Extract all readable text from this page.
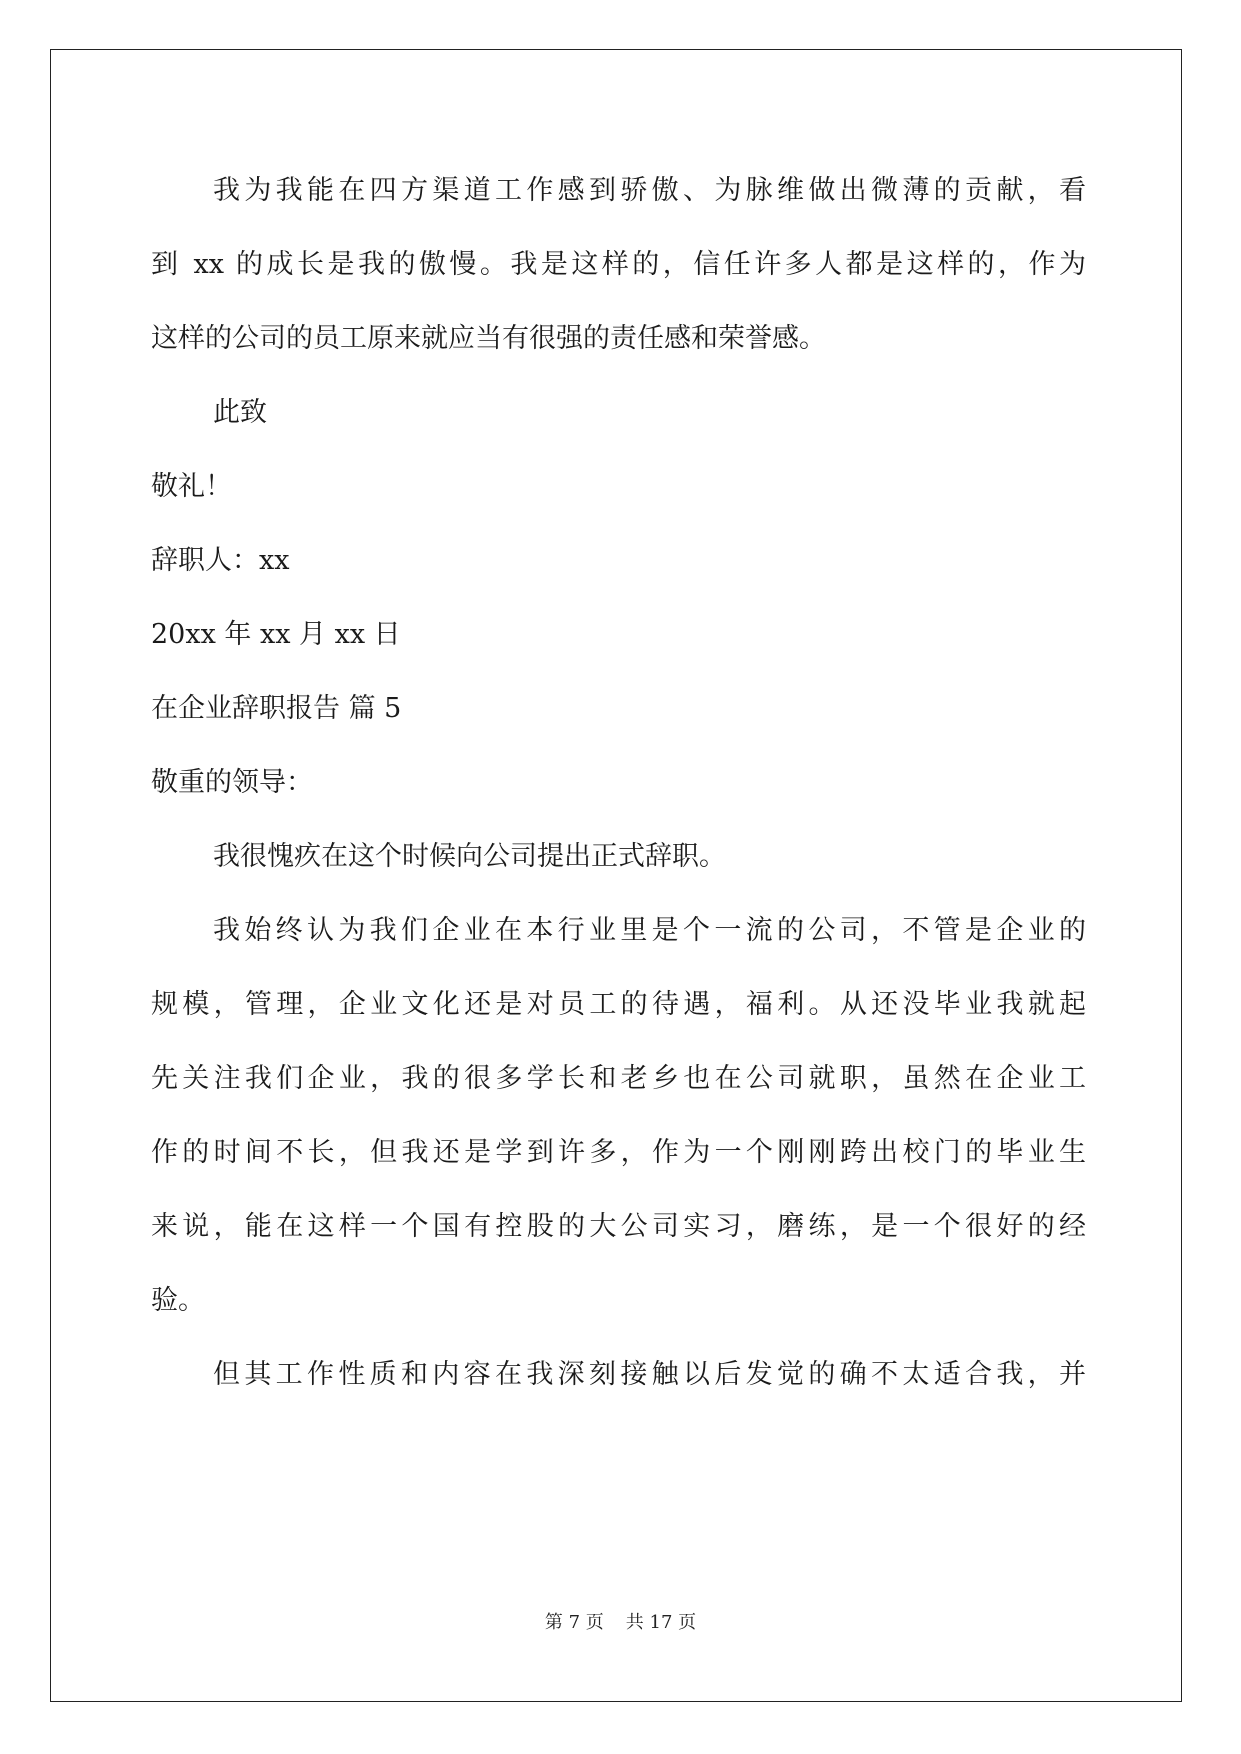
我为我能在四方渠道工作感到骄傲、为脉维做出微薄的贡献，看
到 xx 的成长是我的傲慢。我是这样的，信任许多人都是这样的，作为
这样的公司的员工原来就应当有很强的责任感和荣誉感。
此致
敬礼！
辞职人：xx
20xx 年 xx 月 xx 日
在企业辞职报告 篇 5
敬重的领导：
我很愧疚在这个时候向公司提出正式辞职。
我始终认为我们企业在本行业里是个一流的公司，不管是企业的
规模，管理，企业文化还是对员工的待遇，福利。从还没毕业我就起
先关注我们企业，我的很多学长和老乡也在公司就职，虽然在企业工
作的时间不长，但我还是学到许多，作为一个刚刚跨出校门的毕业生
来说，能在这样一个国有控股的大公司实习，磨练，是一个很好的经
验。
但其工作性质和内容在我深刻接触以后发觉的确不太适合我，并
第 7 页 共 17 页
